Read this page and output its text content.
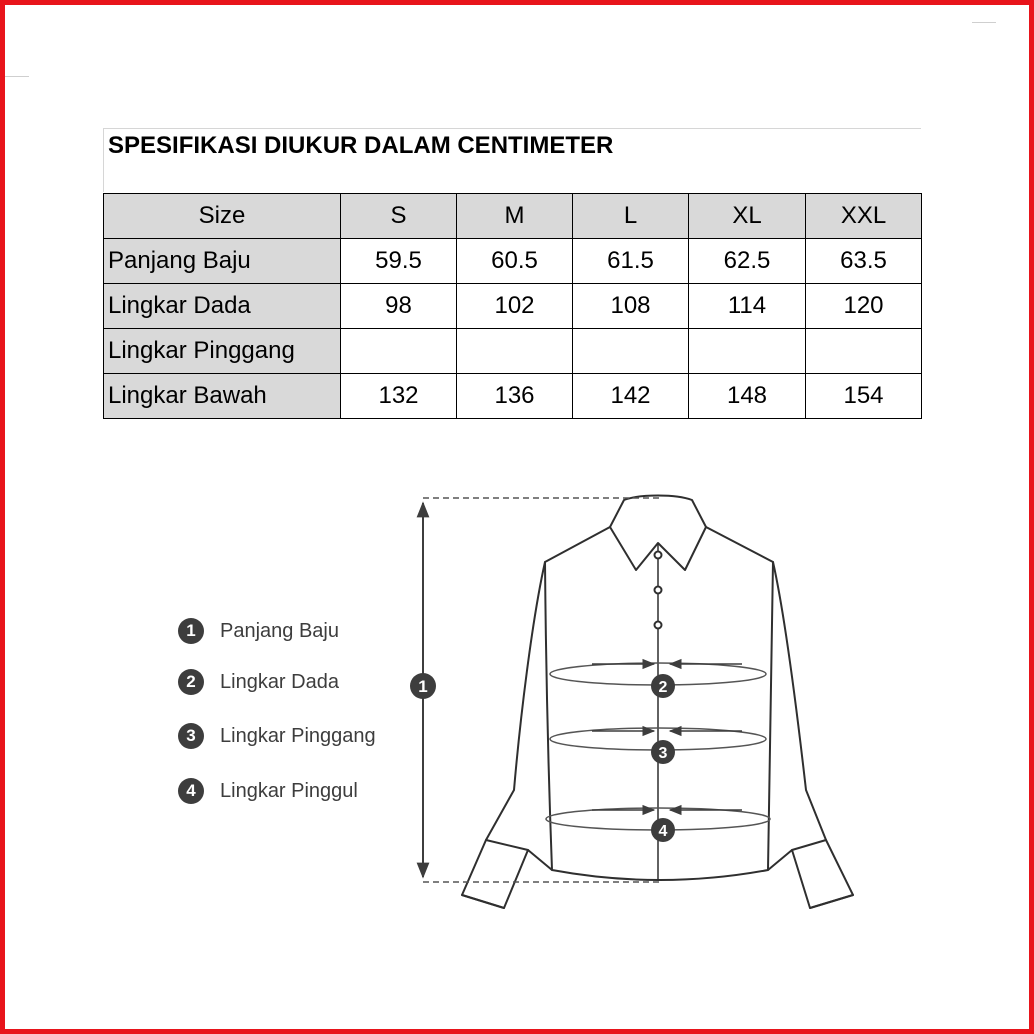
SPESIFIKASI DIUKUR DALAM CENTIMETER
Size	S	M	L	XL	XXL
Panjang Baju	59.5	60.5	61.5	62.5	63.5
Lingkar Dada	98	102	108	114	120
Lingkar Pinggang					
Lingkar Bawah	132	136	142	148	154
1	Panjang Baju
2	Lingkar Dada
3	Lingkar Pinggang
4	Lingkar Pinggul
1	2
3
4
